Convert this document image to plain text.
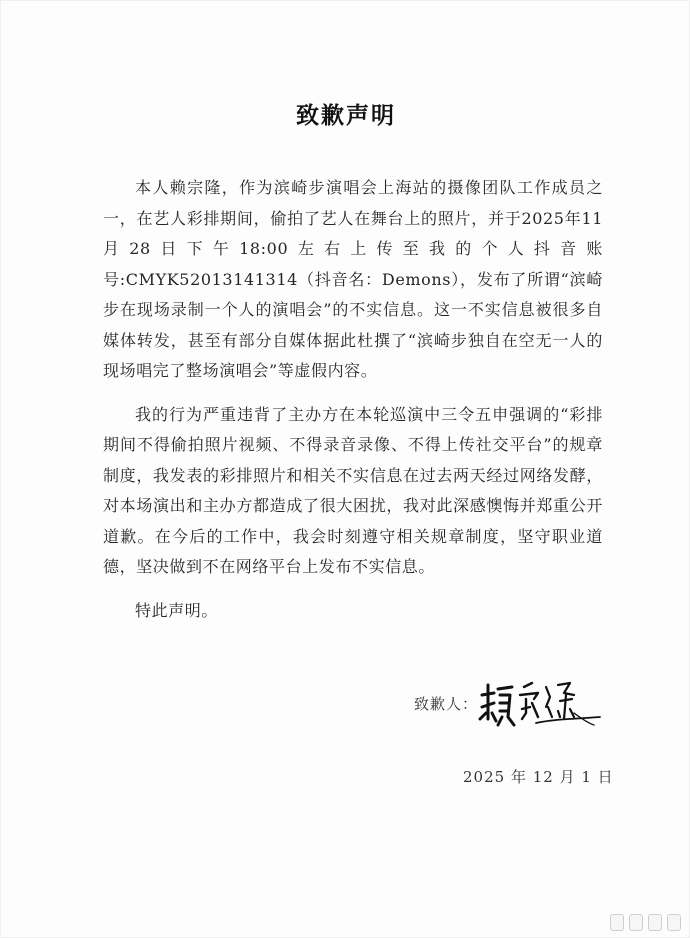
致歉声明

本人赖宗隆，作为滨崎步演唱会上海站的摄像团队工作成员之一，在艺人彩排期间，偷拍了艺人在舞台上的照片，并于2025年11月28日下午18:00左右上传至我的个人抖音账号:CMYK52013141314（抖音名：Demons），发布了所谓“滨崎步在现场录制一个人的演唱会”的不实信息。这一不实信息被很多自媒体转发，甚至有部分自媒体据此杜撰了“滨崎步独自在空无一人的现场唱完了整场演唱会”等虚假内容。

我的行为严重违背了主办方在本轮巡演中三令五申强调的“彩排期间不得偷拍照片视频、不得录音录像、不得上传社交平台”的规章制度，我发表的彩排照片和相关不实信息在过去两天经过网络发酵，对本场演出和主办方都造成了很大困扰，我对此深感懊悔并郑重公开道歉。在今后的工作中，我会时刻遵守相关规章制度，坚守职业道德，坚决做到不在网络平台上发布不实信息。

特此声明。

致歉人：
2025 年 12 月 1 日
